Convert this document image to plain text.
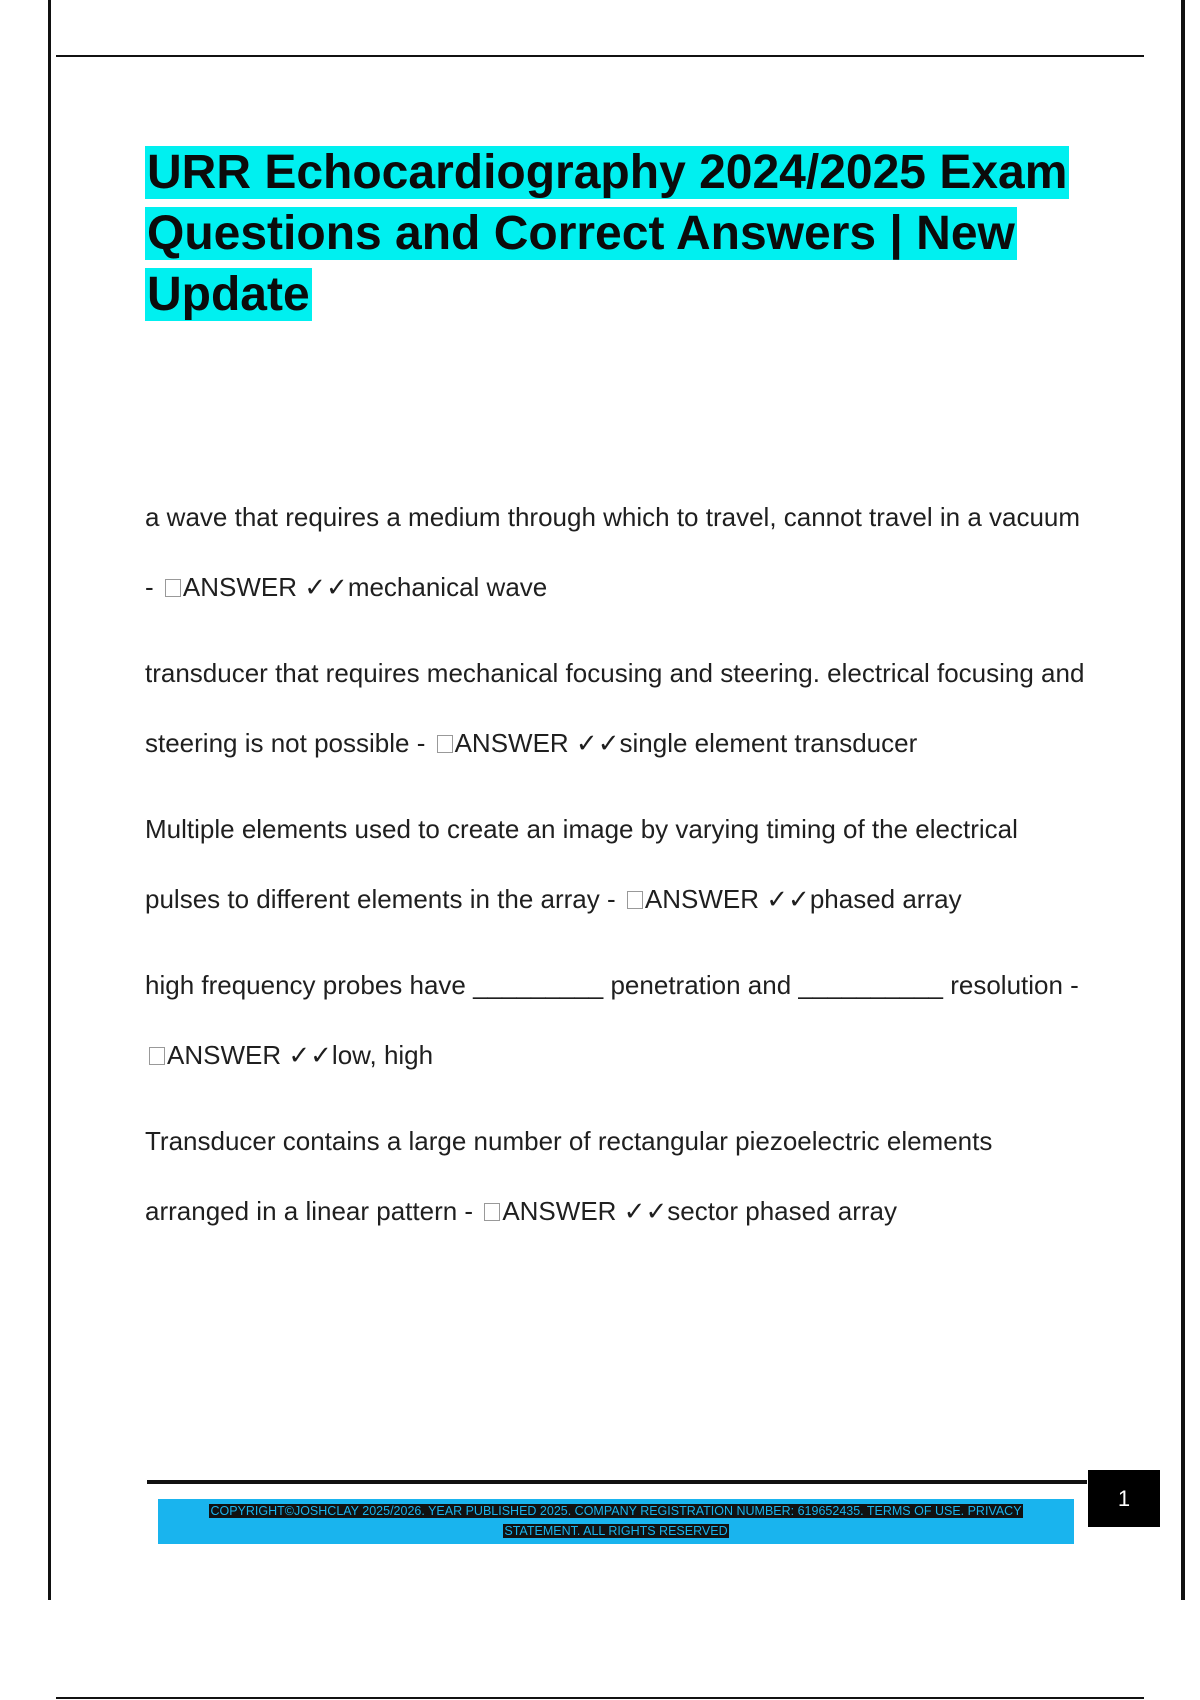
URR Echocardiography 2024/2025 Exam Questions and Correct Answers | New Update
a wave that requires a medium through which to travel, cannot travel in a vacuum - ANSWER ✓✓mechanical wave
transducer that requires mechanical focusing and steering. electrical focusing and steering is not possible - ANSWER ✓✓single element transducer
Multiple elements used to create an image by varying timing of the electrical pulses to different elements in the array - ANSWER ✓✓phased array
high frequency probes have _________ penetration and __________ resolution - ANSWER ✓✓low, high
Transducer contains a large number of rectangular piezoelectric elements arranged in a linear pattern - ANSWER ✓✓sector phased array
COPYRIGHT©JOSHCLAY 2025/2026. YEAR PUBLISHED 2025. COMPANY REGISTRATION NUMBER: 619652435. TERMS OF USE. PRIVACY
STATEMENT. ALL RIGHTS RESERVED
1
